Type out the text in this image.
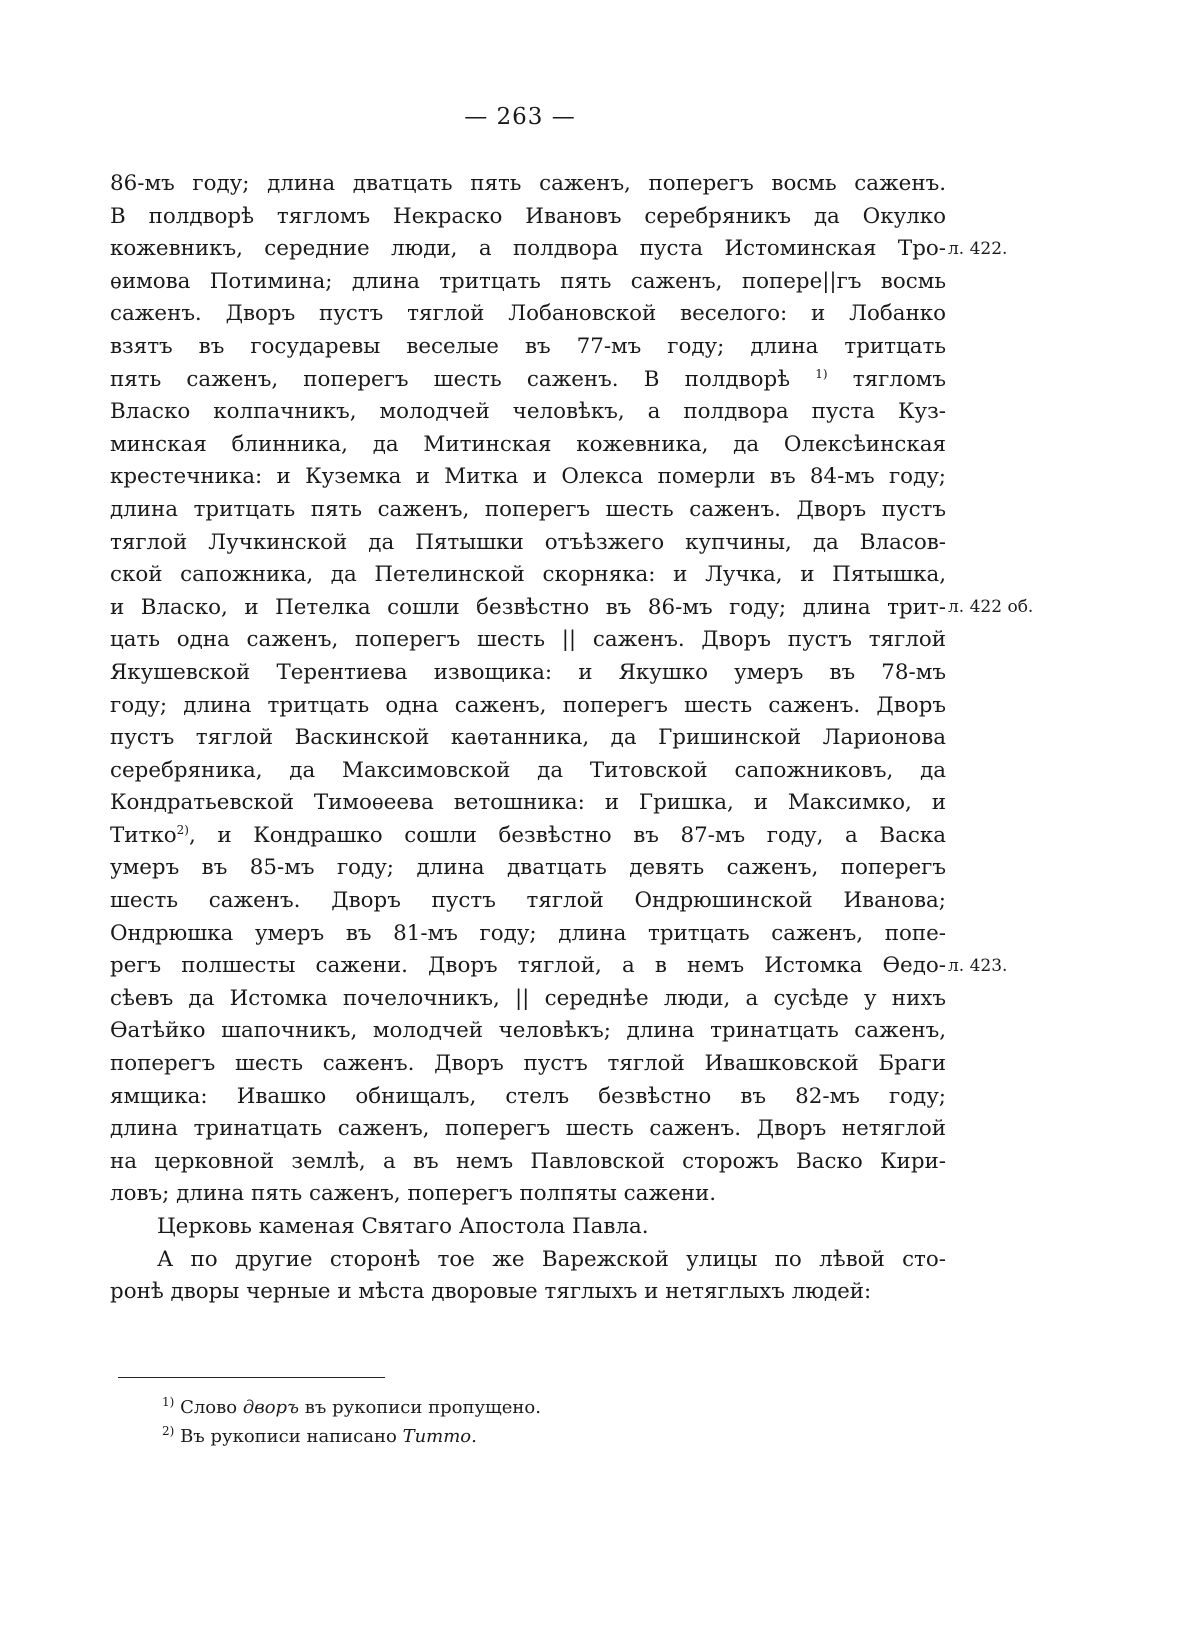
— 263 —
86-мъ году; длина дватцать пять саженъ, поперегъ восмь саженъ.
В полдворѣ тягломъ Некраско Ивановъ серебряникъ да Окулко
кожевникъ, середние люди, а полдвора пуста Истоминская Тро-
ѳимова Потимина; длина тритцать пять саженъ, попере||гъ восмь
саженъ. Дворъ пустъ тяглой Лобановской веселого: и Лобанко
взятъ въ государевы веселые въ 77-мъ году; длина тритцать
пять саженъ, поперегъ шесть саженъ. В полдворѣ $^{1)}$ тягломъ
Власко колпачникъ, молодчей человѣкъ, а полдвора пуста Куз-
минская блинника, да Митинская кожевника, да Олексѣинская
крестечника: и Куземка и Митка и Олекса померли въ 84-мъ году;
длина тритцать пять саженъ, поперегъ шесть саженъ. Дворъ пустъ
тяглой Лучкинской да Пятышки отъѣзжего купчины, да Власов-
ской сапожника, да Петелинской скорняка: и Лучка, и Пятышка,
и Власко, и Петелка сошли безвѣстно въ 86-мъ году; длина трит-
цать одна саженъ, поперегъ шесть || саженъ. Дворъ пустъ тяглой
Якушевской Терентиева извощика: и Якушко умеръ въ 78-мъ
году; длина тритцать одна саженъ, поперегъ шесть саженъ. Дворъ
пустъ тяглой Васкинской каѳтанника, да Гришинской Ларионова
серебряника, да Максимовской да Титовской сапожниковъ, да
Кондратьевской Тимоѳеева ветошника: и Гришка, и Максимко, и
Титко$^{2)}$, и Кондрашко сошли безвѣстно въ 87-мъ году, а Васка
умеръ въ 85-мъ году; длина дватцать девять саженъ, поперегъ
шесть саженъ. Дворъ пустъ тяглой Ондрюшинской Иванова;
Ондрюшка умеръ въ 81-мъ году; длина тритцать саженъ, попе-
регъ полшесты сажени. Дворъ тяглой, а в немъ Истомка Ѳедо-
сѣевъ да Истомка почелочникъ, || середнѣе люди, а сусѣде у нихъ
Ѳатѣйко шапочникъ, молодчей человѣкъ; длина тринатцать саженъ,
поперегъ шесть саженъ. Дворъ пустъ тяглой Ивашковской Браги
ямщика: Ивашко обнищалъ, стелъ безвѣстно въ 82-мъ году;
длина тринатцать саженъ, поперегъ шесть саженъ. Дворъ нетяглой
на церковной землѣ, а въ немъ Павловской сторожъ Васко Кири-
ловъ; длина пять саженъ, поперегъ полпяты сажени.
Церковь каменая Святаго Апостола Павла.
А по другие сторонѣ тое же Варежской улицы по лѣвой сто-
ронѣ дворы черные и мѣста дворовые тяглыхъ и нетяглыхъ людей:
л. 422.
л. 422 об.
л. 423.
$^{1)}$ Слово дворъ въ рукописи пропущено.
$^{2)}$ Въ рукописи написано Титто.
